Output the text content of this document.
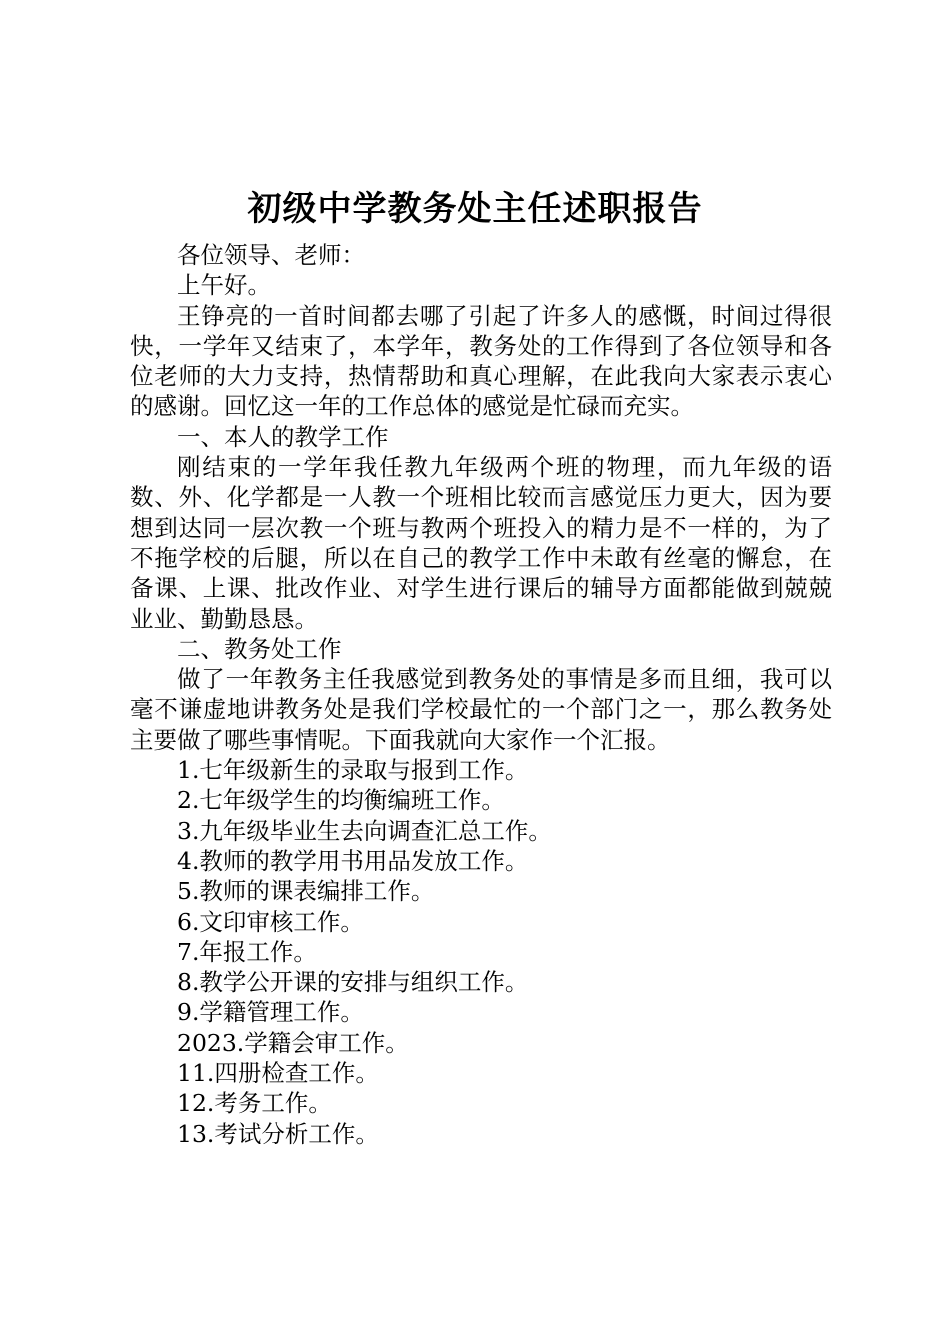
初级中学教务处主任述职报告

各位领导、老师：

上午好。

王铮亮的一首时间都去哪了引起了许多人的感慨，时间过得很快，一学年又结束了，本学年，教务处的工作得到了各位领导和各位老师的大力支持，热情帮助和真心理解，在此我向大家表示衷心的感谢。回忆这一年的工作总体的感觉是忙碌而充实。

一、本人的教学工作

刚结束的一学年我任教九年级两个班的物理，而九年级的语数、外、化学都是一人教一个班相比较而言感觉压力更大，因为要想到达同一层次教一个班与教两个班投入的精力是不一样的，为了不拖学校的后腿，所以在自己的教学工作中未敢有丝毫的懈怠，在备课、上课、批改作业、对学生进行课后的辅导方面都能做到兢兢业业、勤勤恳恳。

二、教务处工作

做了一年教务主任我感觉到教务处的事情是多而且细，我可以毫不谦虚地讲教务处是我们学校最忙的一个部门之一，那么教务处主要做了哪些事情呢。下面我就向大家作一个汇报。

1.七年级新生的录取与报到工作。

2.七年级学生的均衡编班工作。

3.九年级毕业生去向调查汇总工作。

4.教师的教学用书用品发放工作。

5.教师的课表编排工作。

6.文印审核工作。

7.年报工作。

8.教学公开课的安排与组织工作。

9.学籍管理工作。

2023.学籍会审工作。

11.四册检查工作。

12.考务工作。

13.考试分析工作。
